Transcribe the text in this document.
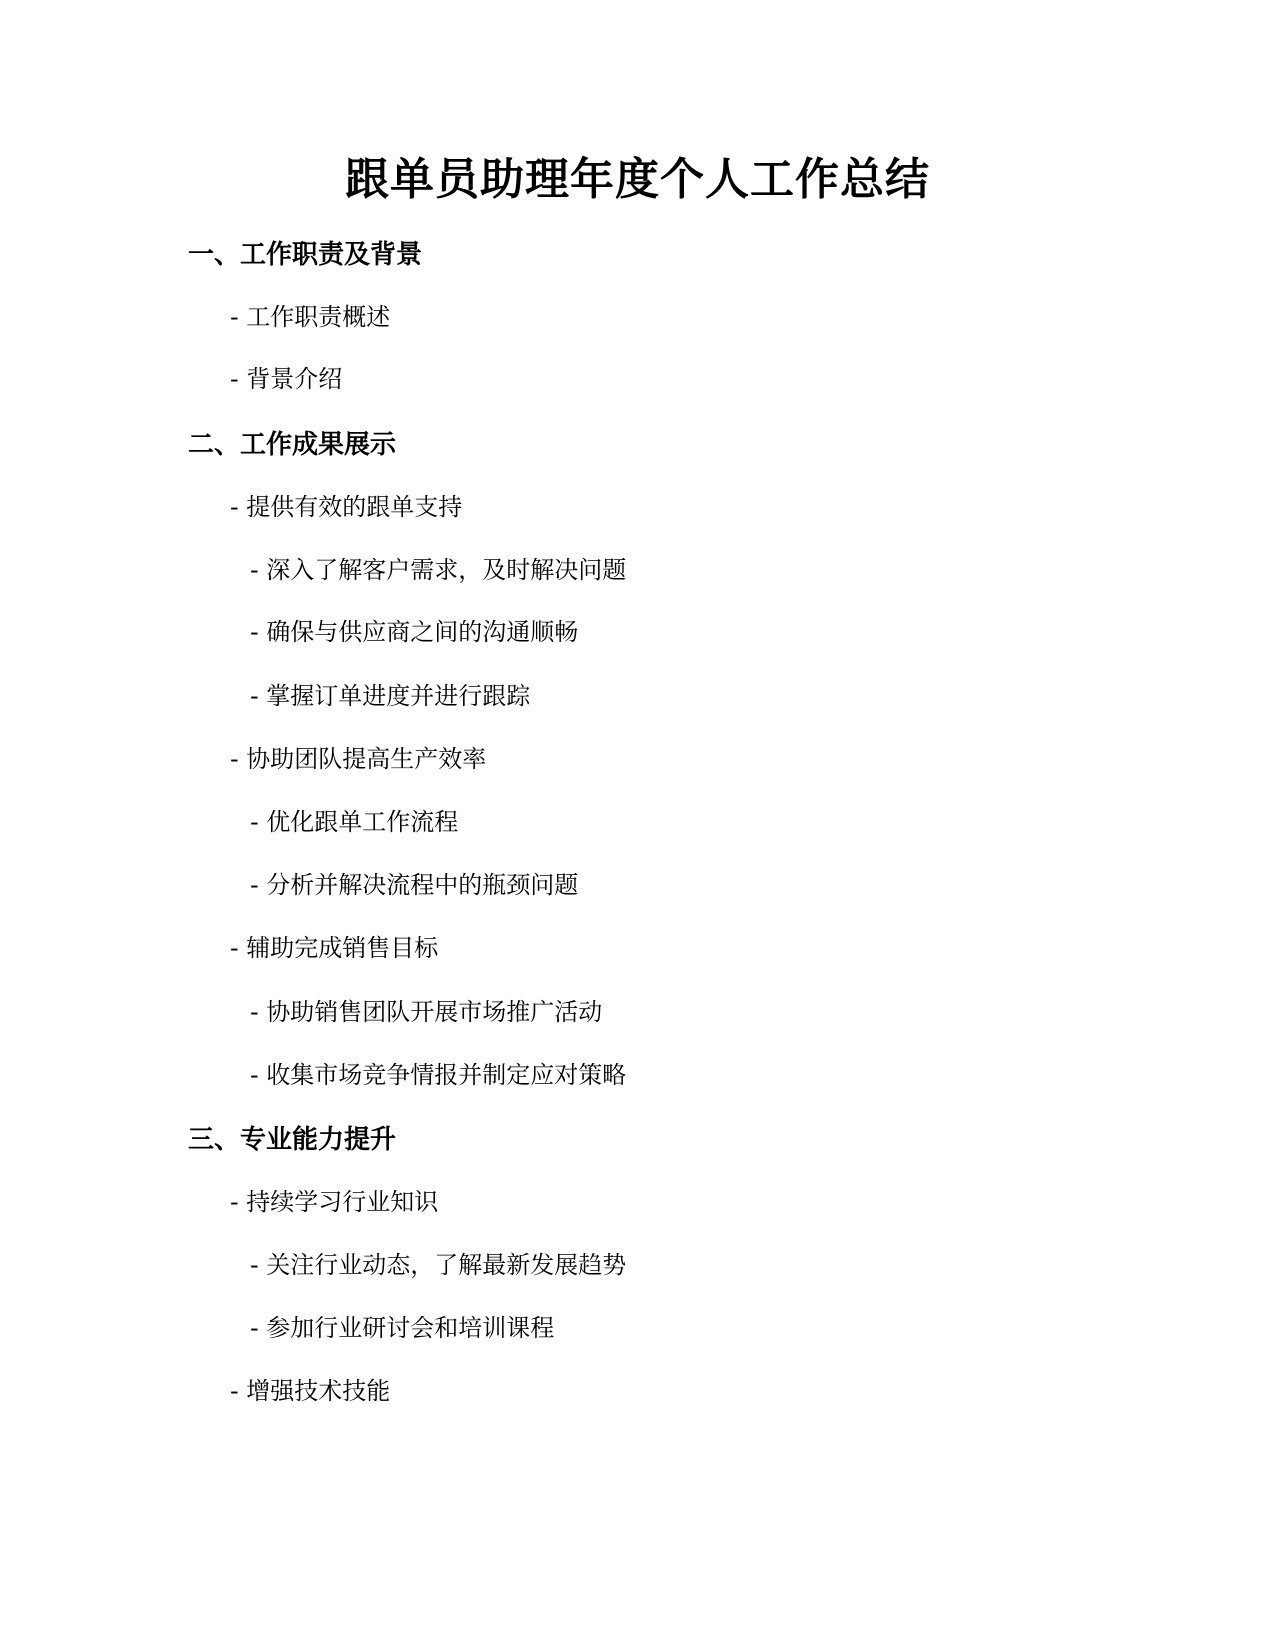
跟单员助理年度个人工作总结
一、工作职责及背景
- 工作职责概述
- 背景介绍
二、工作成果展示
- 提供有效的跟单支持
- 深入了解客户需求，及时解决问题
- 确保与供应商之间的沟通顺畅
- 掌握订单进度并进行跟踪
- 协助团队提高生产效率
- 优化跟单工作流程
- 分析并解决流程中的瓶颈问题
- 辅助完成销售目标
- 协助销售团队开展市场推广活动
- 收集市场竞争情报并制定应对策略
三、专业能力提升
- 持续学习行业知识
- 关注行业动态，了解最新发展趋势
- 参加行业研讨会和培训课程
- 增强技术技能
